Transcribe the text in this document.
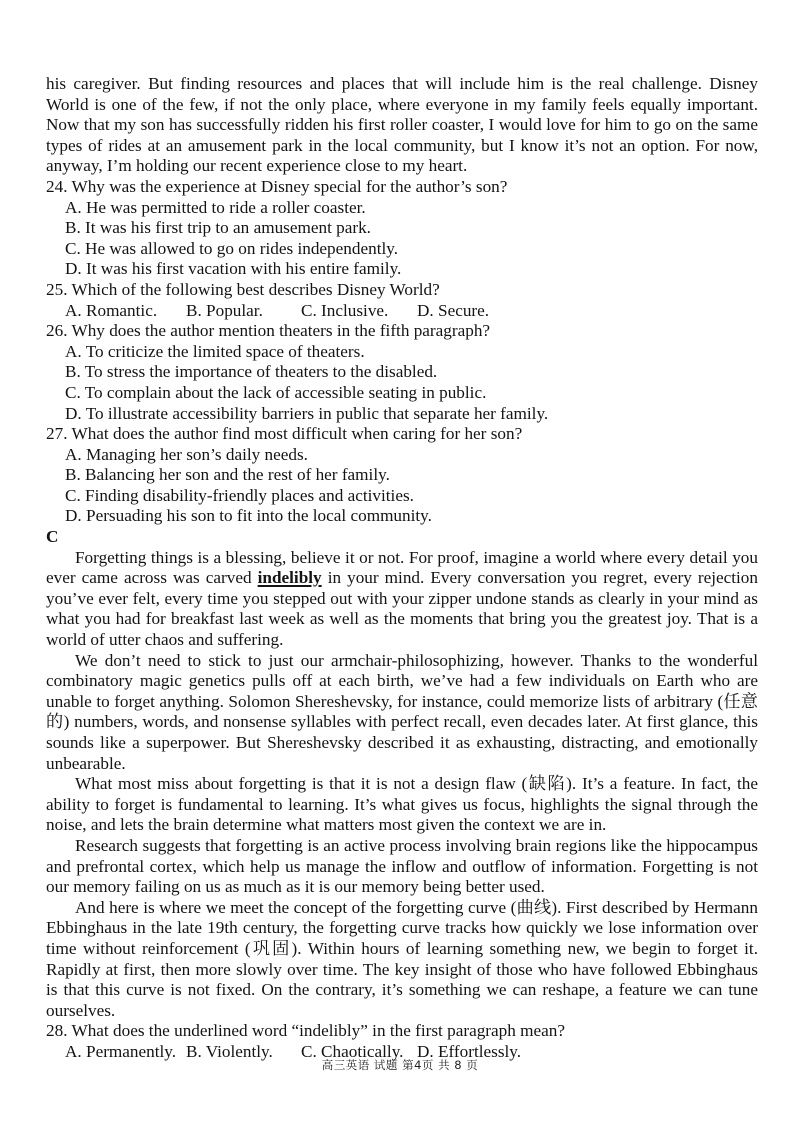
his caregiver. But finding resources and places that will include him is the real challenge. Disney World is one of the few, if not the only place, where everyone in my family feels equally important. Now that my son has successfully ridden his first roller coaster, I would love for him to go on the same types of rides at an amusement park in the local community, but I know it’s not an option. For now, anyway, I’m holding our recent experience close to my heart.

24. Why was the experience at Disney special for the author’s son?

A. He was permitted to ride a roller coaster.

B. It was his first trip to an amusement park.

C. He was allowed to go on rides independently.

D. It was his first vacation with his entire family.

25. Which of the following best describes Disney World?

A. Romantic.	B. Popular.	C. Inclusive.	D. Secure.

26. Why does the author mention theaters in the fifth paragraph?

A. To criticize the limited space of theaters.

B. To stress the importance of theaters to the disabled.

C. To complain about the lack of accessible seating in public.

D. To illustrate accessibility barriers in public that separate her family.

27. What does the author find most difficult when caring for her son?

A. Managing her son’s daily needs.

B. Balancing her son and the rest of her family.

C. Finding disability-friendly places and activities.

D. Persuading his son to fit into the local community.

C

Forgetting things is a blessing, believe it or not. For proof, imagine a world where every detail you ever came across was carved indelibly in your mind. Every conversation you regret, every rejection you’ve ever felt, every time you stepped out with your zipper undone stands as clearly in your mind as what you had for breakfast last week as well as the moments that bring you the greatest joy. That is a world of utter chaos and suffering.

We don’t need to stick to just our armchair-philosophizing, however. Thanks to the wonderful combinatory magic genetics pulls off at each birth, we’ve had a few individuals on Earth who are unable to forget anything. Solomon Shereshevsky, for instance, could memorize lists of arbitrary (任意的) numbers, words, and nonsense syllables with perfect recall, even decades later. At first glance, this sounds like a superpower. But Shereshevsky described it as exhausting, distracting, and emotionally unbearable.

What most miss about forgetting is that it is not a design flaw (缺陷). It’s a feature. In fact, the ability to forget is fundamental to learning. It’s what gives us focus, highlights the signal through the noise, and lets the brain determine what matters most given the context we are in.

Research suggests that forgetting is an active process involving brain regions like the hippocampus and prefrontal cortex, which help us manage the inflow and outflow of information. Forgetting is not our memory failing on us as much as it is our memory being better used.

And here is where we meet the concept of the forgetting curve (曲线). First described by Hermann Ebbinghaus in the late 19th century, the forgetting curve tracks how quickly we lose information over time without reinforcement (巩固). Within hours of learning something new, we begin to forget it. Rapidly at first, then more slowly over time. The key insight of those who have followed Ebbinghaus is that this curve is not fixed. On the contrary, it’s something we can reshape, a feature we can tune ourselves.

28. What does the underlined word “indelibly” in the first paragraph mean?

A. Permanently. B. Violently.	C. Chaotically. D. Effortlessly.
高三英语 试题 第4页 共 8 页
